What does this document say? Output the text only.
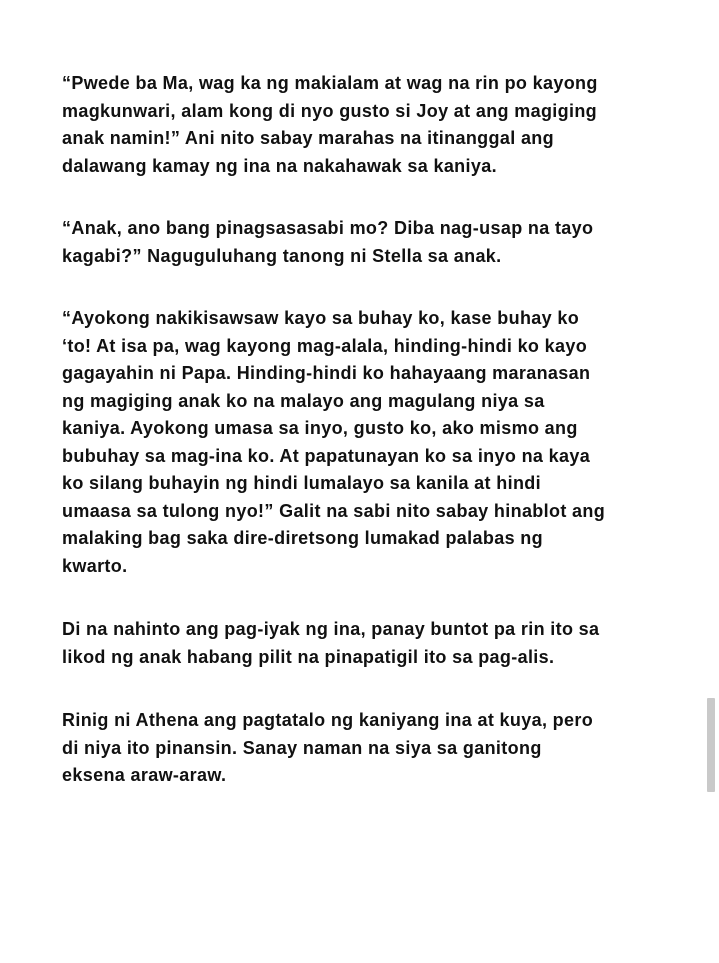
“Pwede ba Ma, wag ka ng makialam at wag na rin po kayong
magkunwari, alam kong di nyo gusto si Joy at ang magiging
anak namin!” Ani nito sabay marahas na itinanggal ang
dalawang kamay ng ina na nakahawak sa kaniya.

“Anak, ano bang pinagsasasabi mo? Diba nag-usap na tayo
kagabi?” Naguguluhang tanong ni Stella sa anak.

“Ayokong nakikisawsaw kayo sa buhay ko, kase buhay ko
‘to! At isa pa, wag kayong mag-alala, hinding-hindi ko kayo
gagayahin ni Papa. Hinding-hindi ko hahayaang maranasan
ng magiging anak ko na malayo ang magulang niya sa
kaniya. Ayokong umasa sa inyo, gusto ko, ako mismo ang
bubuhay sa mag-ina ko. At papatunayan ko sa inyo na kaya
ko silang buhayin ng hindi lumalayo sa kanila at hindi
umaasa sa tulong nyo!” Galit na sabi nito sabay hinablot ang
malaking bag saka dire-diretsong lumakad palabas ng
kwarto.

Di na nahinto ang pag-iyak ng ina, panay buntot pa rin ito sa
likod ng anak habang pilit na pinapatigil ito sa pag-alis.

Rinig ni Athena ang pagtatalo ng kaniyang ina at kuya, pero
di niya ito pinansin. Sanay naman na siya sa ganitong
eksena araw-araw.
